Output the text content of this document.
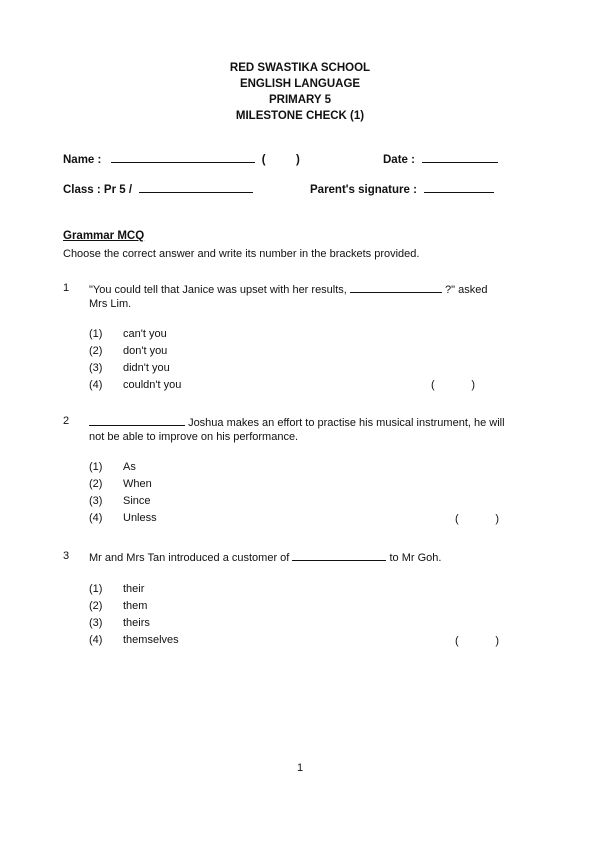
RED SWASTIKA SCHOOL
ENGLISH LANGUAGE
PRIMARY 5
MILESTONE CHECK (1)
Name :	(	)	Date :
Class : Pr 5 /	Parent's signature :
Grammar MCQ
Choose the correct answer and write its number in the brackets provided.
1 "You could tell that Janice was upset with her results,	?" asked
Mrs Lim.
(1) can't you
(2) don't you
(3) didn't you
(4) couldn't you	(            )
2	Joshua makes an effort to practise his musical instrument, he will
not be able to improve on his performance.
(1) As
(2) When
(3) Since
(4) Unless	(            )
3 Mr and Mrs Tan introduced a customer of	to Mr Goh.
(1) their
(2) them
(3) theirs
(4) themselves	(            )
1
